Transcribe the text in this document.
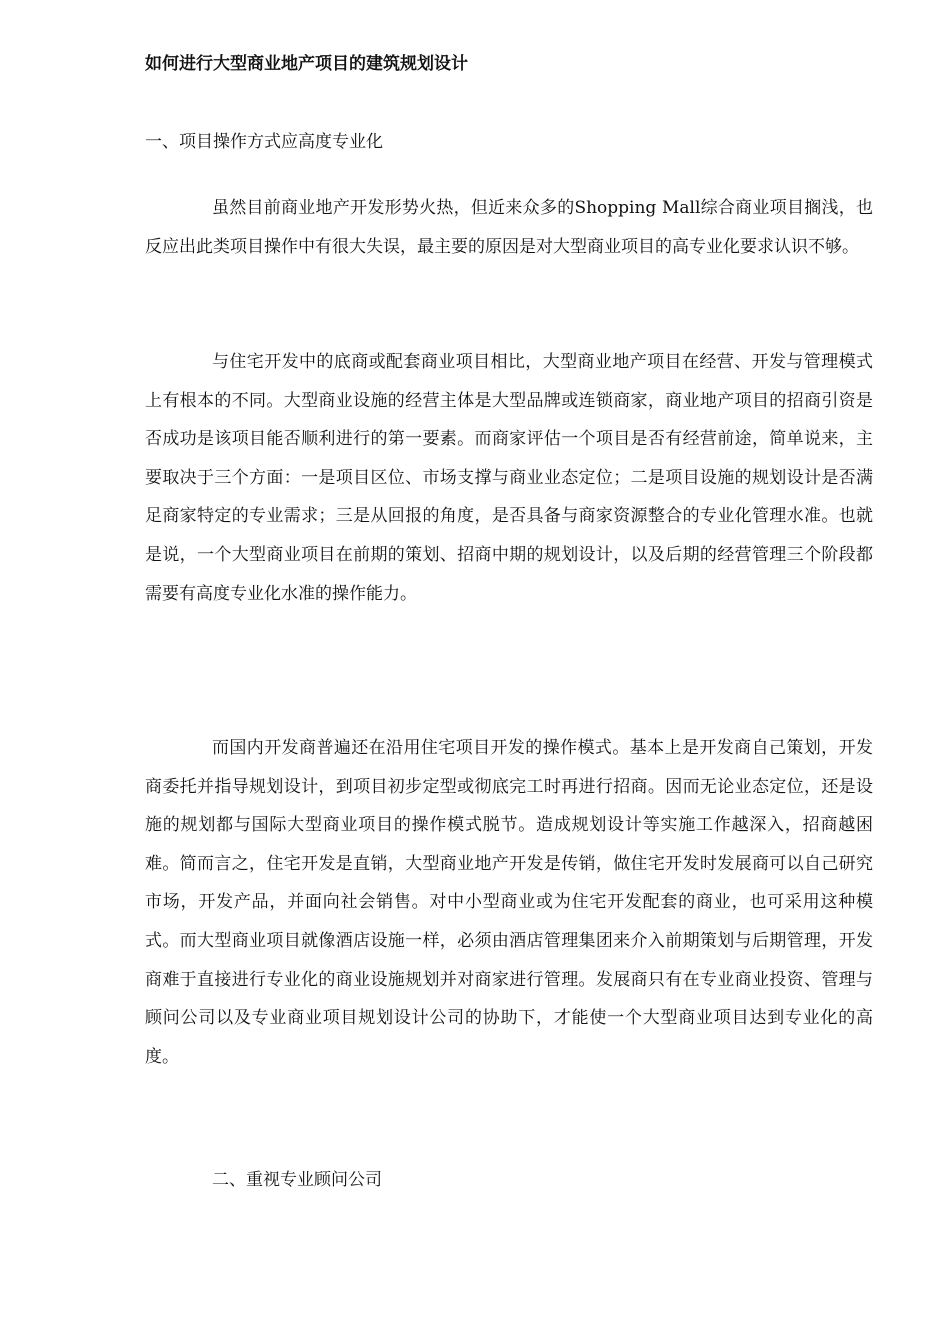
如何进行大型商业地产项目的建筑规划设计
一、项目操作方式应高度专业化

虽然目前商业地产开发形势火热，但近来众多的Shopping Mall综合商业项目搁浅，也反应出此类项目操作中有很大失误，最主要的原因是对大型商业项目的高专业化要求认识不够。

与住宅开发中的底商或配套商业项目相比，大型商业地产项目在经营、开发与管理模式上有根本的不同。大型商业设施的经营主体是大型品牌或连锁商家，商业地产项目的招商引资是否成功是该项目能否顺利进行的第一要素。而商家评估一个项目是否有经营前途，简单说来，主要取决于三个方面：一是项目区位、市场支撑与商业业态定位；二是项目设施的规划设计是否满足商家特定的专业需求；三是从回报的角度，是否具备与商家资源整合的专业化管理水准。也就是说，一个大型商业项目在前期的策划、招商中期的规划设计，以及后期的经营管理三个阶段都需要有高度专业化水准的操作能力。

而国内开发商普遍还在沿用住宅项目开发的操作模式。基本上是开发商自己策划，开发商委托并指导规划设计，到项目初步定型或彻底完工时再进行招商。因而无论业态定位，还是设施的规划都与国际大型商业项目的操作模式脱节。造成规划设计等实施工作越深入，招商越困难。简而言之，住宅开发是直销，大型商业地产开发是传销，做住宅开发时发展商可以自己研究市场，开发产品，并面向社会销售。对中小型商业或为住宅开发配套的商业，也可采用这种模式。而大型商业项目就像酒店设施一样，必须由酒店管理集团来介入前期策划与后期管理，开发商难于直接进行专业化的商业设施规划并对商家进行管理。发展商只有在专业商业投资、管理与顾问公司以及专业商业项目规划设计公司的协助下，才能使一个大型商业项目达到专业化的高度。

二、重视专业顾问公司
